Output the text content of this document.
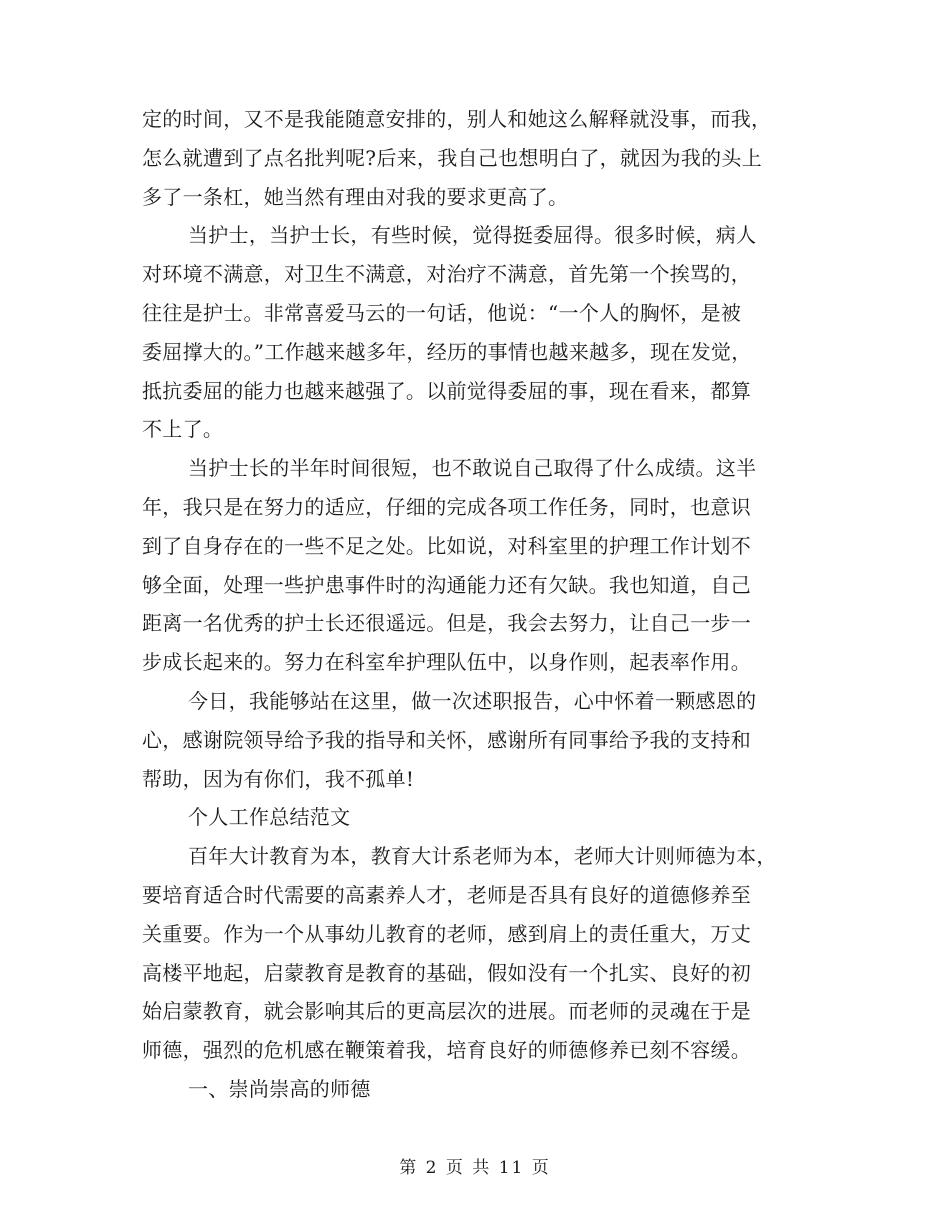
定的时间，又不是我能随意安排的，别人和她这么解释就没事，而我，
怎么就遭到了点名批判呢?后来，我自己也想明白了，就因为我的头上
多了一条杠，她当然有理由对我的要求更高了。
当护士，当护士长，有些时候，觉得挺委屈得。很多时候，病人
对环境不满意，对卫生不满意，对治疗不满意，首先第一个挨骂的，
往往是护士。非常喜爱马云的一句话，他说：“一个人的胸怀，是被
委屈撑大的。”工作越来越多年，经历的事情也越来越多，现在发觉，
抵抗委屈的能力也越来越强了。以前觉得委屈的事，现在看来，都算
不上了。
当护士长的半年时间很短，也不敢说自己取得了什么成绩。这半
年，我只是在努力的适应，仔细的完成各项工作任务，同时，也意识
到了自身存在的一些不足之处。比如说，对科室里的护理工作计划不
够全面，处理一些护患事件时的沟通能力还有欠缺。我也知道，自己
距离一名优秀的护士长还很遥远。但是，我会去努力，让自己一步一
步成长起来的。努力在科室牟护理队伍中，以身作则，起表率作用。
今日，我能够站在这里，做一次述职报告，心中怀着一颗感恩的
心，感谢院领导给予我的指导和关怀，感谢所有同事给予我的支持和
帮助，因为有你们，我不孤单!
个人工作总结范文
百年大计教育为本，教育大计系老师为本，老师大计则师德为本，
要培育适合时代需要的高素养人才，老师是否具有良好的道德修养至
关重要。作为一个从事幼儿教育的老师，感到肩上的责任重大，万丈
高楼平地起，启蒙教育是教育的基础，假如没有一个扎实、良好的初
始启蒙教育，就会影响其后的更高层次的进展。而老师的灵魂在于是
师德，强烈的危机感在鞭策着我，培育良好的师德修养已刻不容缓。
一、崇尚崇高的师德
第 2 页 共 11 页
